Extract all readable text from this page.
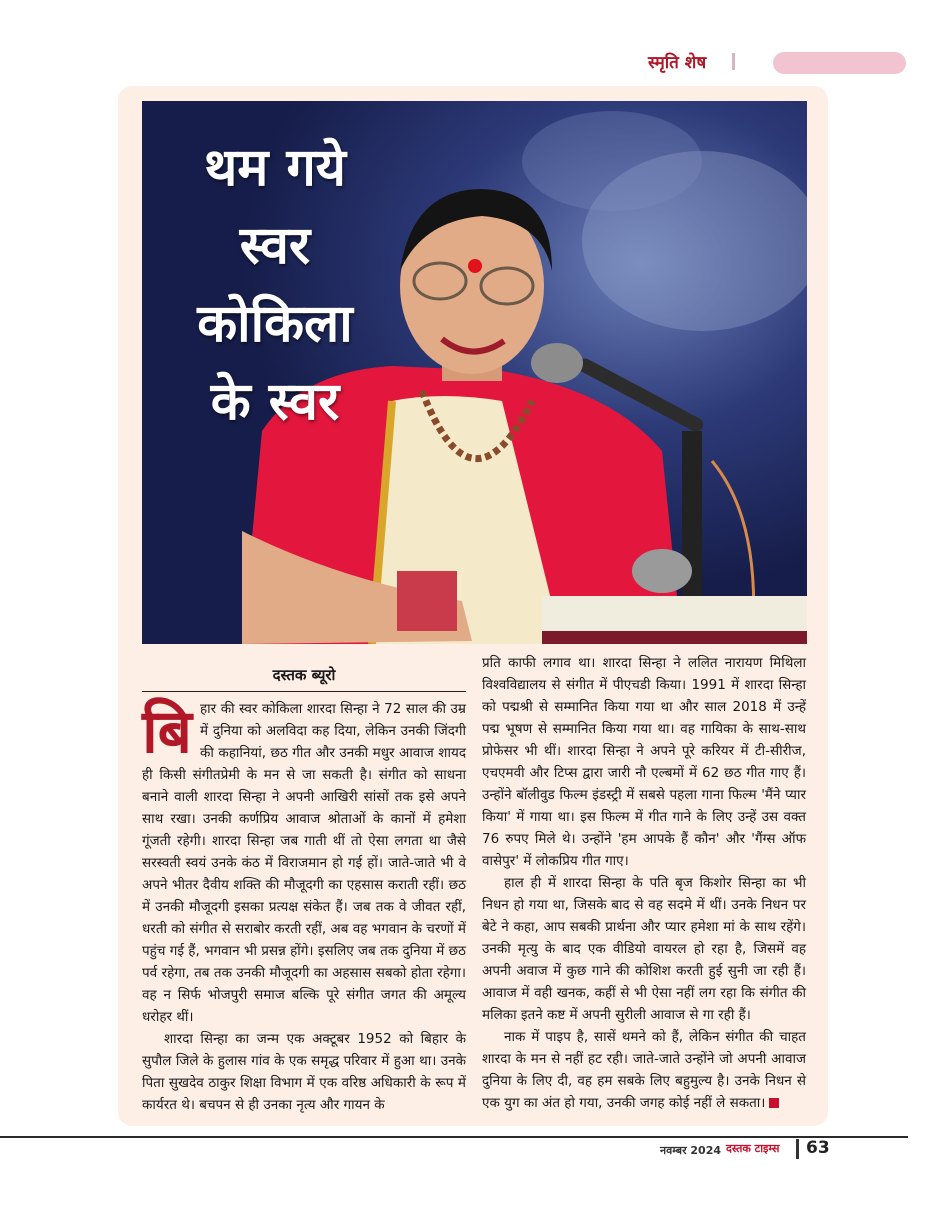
स्मृति शेष
थम गये
स्वर
कोकिला
के स्वर
दस्तक ब्यूरो
बि हार की स्वर कोकिला शारदा सिन्हा ने 72 साल की उम्र में दुनिया को अलविदा कह दिया, लेकिन उनकी जिंदगी की कहानियां, छठ गीत और उनकी मधुर आवाज शायद ही किसी संगीतप्रेमी के मन से जा सकती है। संगीत को साधना बनाने वाली शारदा सिन्हा ने अपनी आखिरी सांसों तक इसे अपने साथ रखा। उनकी कर्णप्रिय आवाज श्रोताओं के कानों में हमेशा गूंजती रहेगी। शारदा सिन्हा जब गाती थीं तो ऐसा लगता था जैसे सरस्वती स्वयं उनके कंठ में विराजमान हो गई हों। जाते-जाते भी वे अपने भीतर दैवीय शक्ति की मौजूदगी का एहसास कराती रहीं। छठ में उनकी मौजूदगी इसका प्रत्यक्ष संकेत हैं। जब तक वे जीवत रहीं, धरती को संगीत से सराबोर करती रहीं, अब वह भगवान के चरणों में पहुंच गई हैं, भगवान भी प्रसन्न होंगे। इसलिए जब तक दुनिया में छठ पर्व रहेगा, तब तक उनकी मौजूदगी का अहसास सबको होता रहेगा। वह न सिर्फ भोजपुरी समाज बल्कि पूरे संगीत जगत की अमूल्य धरोहर थीं।

शारदा सिन्हा का जन्म एक अक्टूबर 1952 को बिहार के सुपौल जिले के हुलास गांव के एक समृद्ध परिवार में हुआ था। उनके पिता सुखदेव ठाकुर शिक्षा विभाग में एक वरिष्ठ अधिकारी के रूप में कार्यरत थे। बचपन से ही उनका नृत्य और गायन के

प्रति काफी लगाव था। शारदा सिन्हा ने ललित नारायण मिथिला विश्वविद्यालय से संगीत में पीएचडी किया। 1991 में शारदा सिन्हा को पद्मश्री से सम्मानित किया गया था और साल 2018 में उन्हें पद्म भूषण से सम्मानित किया गया था। वह गायिका के साथ-साथ प्रोफेसर भी थीं। शारदा सिन्हा ने अपने पूरे करियर में टी-सीरीज, एचएमवी और टिप्स द्वारा जारी नौ एल्बमों में 62 छठ गीत गाए हैं। उन्होंने बॉलीवुड फिल्म इंडस्ट्री में सबसे पहला गाना फिल्म 'मैंने प्यार किया' में गाया था। इस फिल्म में गीत गाने के लिए उन्हें उस वक्त 76 रुपए मिले थे। उन्होंने 'हम आपके हैं कौन' और 'गैंग्स ऑफ वासेपुर' में लोकप्रिय गीत गाए।

हाल ही में शारदा सिन्हा के पति बृज किशोर सिन्हा का भी निधन हो गया था, जिसके बाद से वह सदमे में थीं। उनके निधन पर बेटे ने कहा, आप सबकी प्रार्थना और प्यार हमेशा मां के साथ रहेंगे। उनकी मृत्यु के बाद एक वीडियो वायरल हो रहा है, जिसमें वह अपनी अवाज में कुछ गाने की कोशिश करती हुई सुनी जा रही हैं। आवाज में वही खनक, कहीं से भी ऐसा नहीं लग रहा कि संगीत की मलिका इतने कष्ट में अपनी सुरीली आवाज से गा रही हैं।

नाक में पाइप है, सासें थमने को हैं, लेकिन संगीत की चाहत शारदा के मन से नहीं हट रही। जाते-जाते उन्होंने जो अपनी आवाज दुनिया के लिए दी, वह हम सबके लिए बहुमुल्य है। उनके निधन से एक युग का अंत हो गया, उनकी जगह कोई नहीं ले सकता।

नवम्बर 2024 दस्तक टाइम्स 63
